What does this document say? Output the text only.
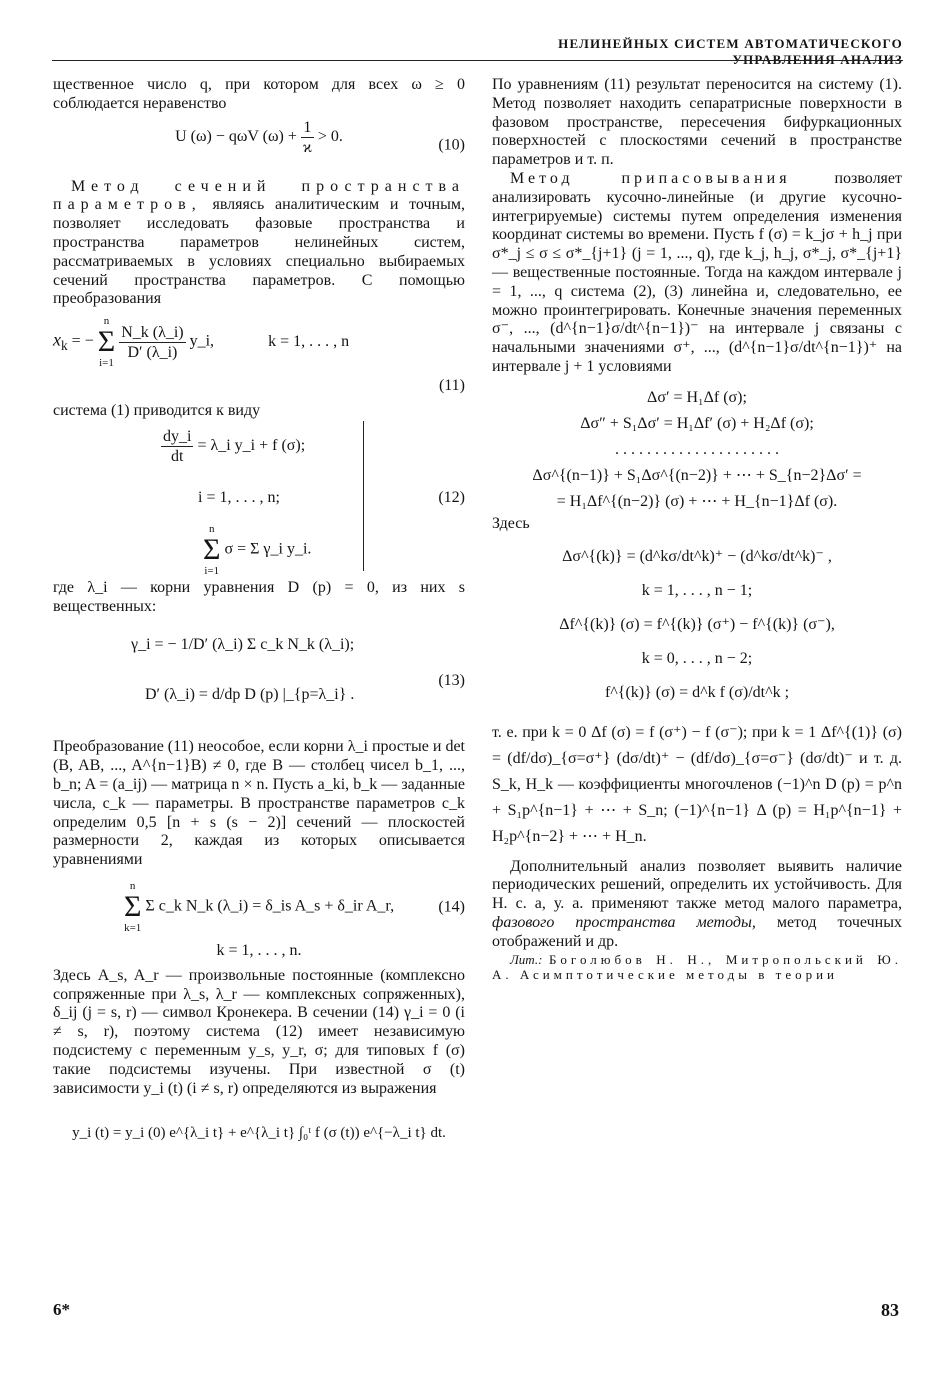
НЕЛИНЕЙНЫХ СИСТЕМ АВТОМАТИЧЕСКОГО УПРАВЛЕНИЯ АНАЛИЗ

щественное число q, при котором для всех ω ≥ 0 соблюдается неравенство

U (ω) − qωV $(\omega) + \frac{1}{ϰ} > 0$.	(10)

Метод сечений пространства параметров, являясь аналитическим и точным, позволяет исследовать фазовые пространства и пространства параметров нелинейных систем, рассматриваемых в условиях специально выбираемых сечений пространства параметров. С помощью преобразования

$x_k$ = − n
Σ
i=1
$\frac{N\_k (\lambda\_i)}{D' (\lambda\_i)}$ y_i,	k = 1, . . . , n
(11)

система (1) приводится к виду

$\frac{dy\_i}{dt}$ = λ_i y_i + f (σ);
i = 1, . . . , n;
n
Σ
i=1 σ = Σ γ_i y_i.
(12)

где λ_i — корни уравнения D (p) = 0, из них s вещественных:

γ_i = − 1/D′ (λ_i) Σ c_k N_k (λ_i);
D′ (λ_i) = d/dp D (p) |_{p=λ_i} .
(13)

Преобразование (11) неособое, если корни λ_i простые и det (B, AB, ..., A^{n−1}B) ≠ 0, где B — столбец чисел b_1, ..., b_n; A = (a_ij) — матрица n × n. Пусть a_ki, b_k — заданные числа, c_k — параметры. В пространстве параметров c_k определим 0,5 [n + s (s − 2)] сечений — плоскостей размерности 2, каждая из которых описывается уравнениями

n
Σ
k=1 Σ c_k N_k (λ_i) = δ_is A_s + δ_ir A_r,	(14)
k = 1, . . . , n.

Здесь A_s, A_r — произвольные постоянные (комплексно сопряженные при λ_s, λ_r — комплексных сопряженных), δ_ij (j = s, r) — символ Кронекера. В сечении (14) γ_i = 0 (i ≠ s, r), поэтому система (12) имеет независимую подсистему с переменным y_s, y_r, σ; для типовых f (σ) такие подсистемы изучены. При известной σ (t) зависимости y_i (t) (i ≠ s, r) определяются из выражения

y_i (t) = y_i (0) e^{λ_i t} + e^{λ_i t} ∫₀ᵗ f (σ (t)) e^{−λ_i t} dt.

По уравнениям (11) результат переносится на систему (1). Метод позволяет находить сепаратрисные поверхности в фазовом пространстве, пересечения бифуркационных поверхностей с плоскостями сечений в пространстве параметров и т. п.

Метод припасовывания	позволяет анализировать кусочно-линейные (и другие кусочно-интегрируемые) системы путем определения изменения координат системы во времени. Пусть f (σ) = k_jσ + h_j при σ*_j ≤ σ ≤ σ*_{j+1} (j = 1, ..., q), где k_j, h_j, σ*_j, σ*_{j+1} — вещественные постоянные. Тогда на каждом интервале j = 1, ..., q система (2), (3) линейна и, следовательно, ее можно проинтегрировать. Конечные значения переменных σ⁻, ..., (d^{n−1}σ/dt^{n−1})⁻ на интервале j связаны с начальными значениями σ⁺, ..., (d^{n−1}σ/dt^{n−1})⁺ на интервале j + 1 условиями

Δσ′ = H₁Δf (σ);
Δσ″ + S₁Δσ′ = H₁Δf′ (σ) + H₂Δf (σ);
. . . . . . . . . . . . . . . . . . . . .
Δσ^{(n−1)} + S₁Δσ^{(n−2)} + ⋯ + S_{n−2}Δσ′ =
= H₁Δf^{(n−2)} (σ) + ⋯ + H_{n−1}Δf (σ).
Здесь
Δσ^{(k)} = (d^kσ/dt^k)⁺ − (d^kσ/dt^k)⁻ ,
k = 1, . . . , n − 1;
Δf^{(k)} (σ) = f^{(k)} (σ⁺) − f^{(k)} (σ⁻),
k = 0, . . . , n − 2;
f^{(k)} (σ) = d^k f (σ)/dt^k ;

т. е. при k = 0 Δf (σ) = f (σ⁺) − f (σ⁻); при k = 1 Δf^{(1)} (σ) = (df/dσ)_{σ=σ⁺} (dσ/dt)⁺ − (df/dσ)_{σ=σ⁻} (dσ/dt)⁻ и т. д. S_k, H_k — коэффициенты многочленов (−1)^n D (p) = p^n + S₁p^{n−1} + ⋯ + S_n; (−1)^{n−1} Δ (p) = H₁p^{n−1} + H₂p^{n−2} + ⋯ + H_n.

Дополнительный анализ позволяет выявить наличие периодических решений, определить их устойчивость. Для Н. с. а, у. а. применяют также метод малого параметра, фазового пространства методы, метод точечных отображений и др.

Лит.: Боголюбов Н. Н., Митропольский Ю. А. Асимптотические методы в теории

6*	83
